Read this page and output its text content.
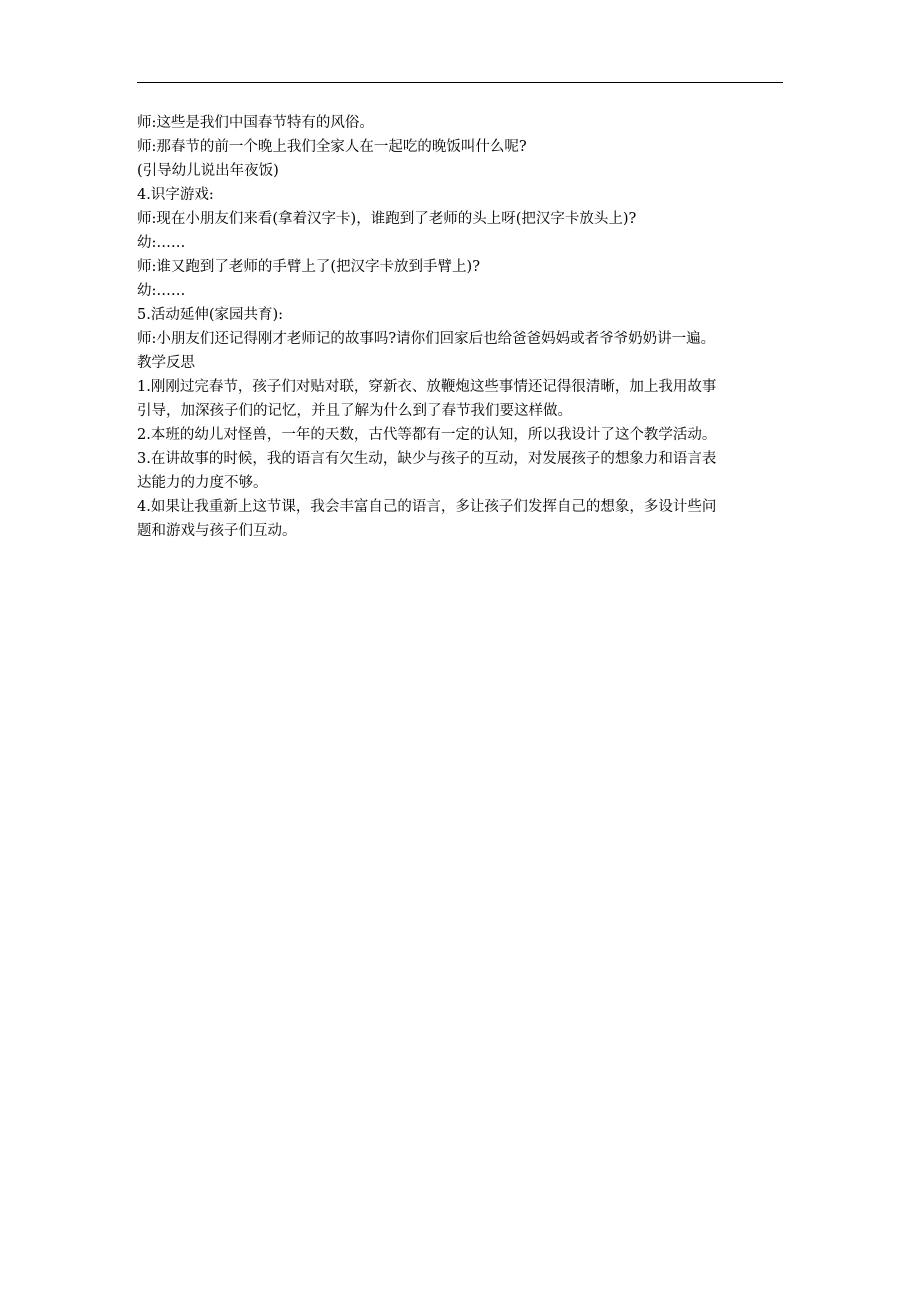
师:这些是我们中国春节特有的风俗。
师:那春节的前一个晚上我们全家人在一起吃的晚饭叫什么呢?
(引导幼儿说出年夜饭)
4.识字游戏:
师:现在小朋友们来看(拿着汉字卡)，谁跑到了老师的头上呀(把汉字卡放头上)?
幼:……
师:谁又跑到了老师的手臂上了(把汉字卡放到手臂上)?
幼:……
5.活动延伸(家园共育):
师:小朋友们还记得刚才老师记的故事吗?请你们回家后也给爸爸妈妈或者爷爷奶奶讲一遍。
教学反思
1.刚刚过完春节，孩子们对贴对联，穿新衣、放鞭炮这些事情还记得很清晰，加上我用故事
引导，加深孩子们的记忆，并且了解为什么到了春节我们要这样做。
2.本班的幼儿对怪兽，一年的天数，古代等都有一定的认知，所以我设计了这个教学活动。
3.在讲故事的时候，我的语言有欠生动，缺少与孩子的互动，对发展孩子的想象力和语言表
达能力的力度不够。
4.如果让我重新上这节课，我会丰富自己的语言，多让孩子们发挥自己的想象，多设计些问
题和游戏与孩子们互动。
